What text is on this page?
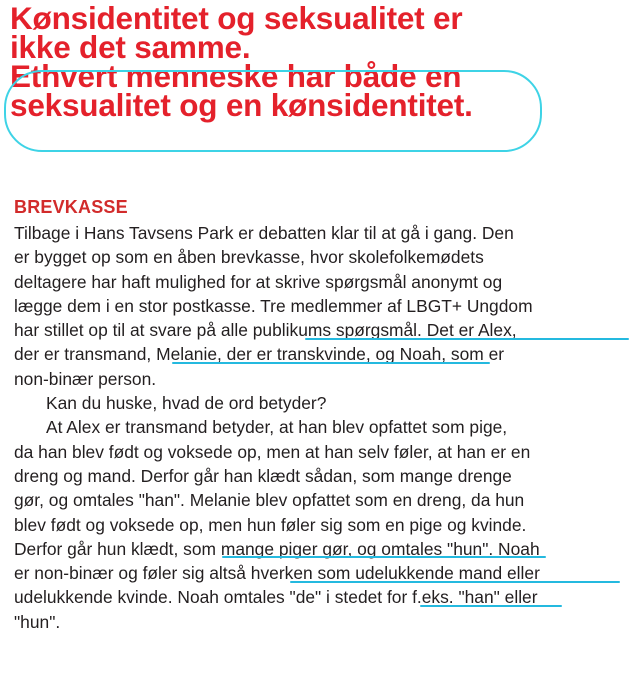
Kønsidentitet og seksualitet er
ikke det samme.
Ethvert menneske har både en
seksualitet og en kønsidentitet.
BREVKASSE
Tilbage i Hans Tavsens Park er debatten klar til at gå i gang. Den
er bygget op som en åben brevkasse, hvor skolefolkemødets
deltagere har haft mulighed for at skrive spørgsmål anonymt og
lægge dem i en stor postkasse. Tre medlemmer af LBGT+ Ungdom
har stillet op til at svare på alle publikums spørgsmål. Det er Alex,
der er transmand, Melanie, der er transkvinde, og Noah, som er
non-binær person.
Kan du huske, hvad de ord betyder?
At Alex er transmand betyder, at han blev opfattet som pige,
da han blev født og voksede op, men at han selv føler, at han er en
dreng og mand. Derfor går han klædt sådan, som mange drenge
gør, og omtales "han". Melanie blev opfattet som en dreng, da hun
blev født og voksede op, men hun føler sig som en pige og kvinde.
Derfor går hun klædt, som mange piger gør, og omtales "hun". Noah
er non-binær og føler sig altså hverken som udelukkende mand eller
udelukkende kvinde. Noah omtales "de" i stedet for f.eks. "han" eller
"hun".
